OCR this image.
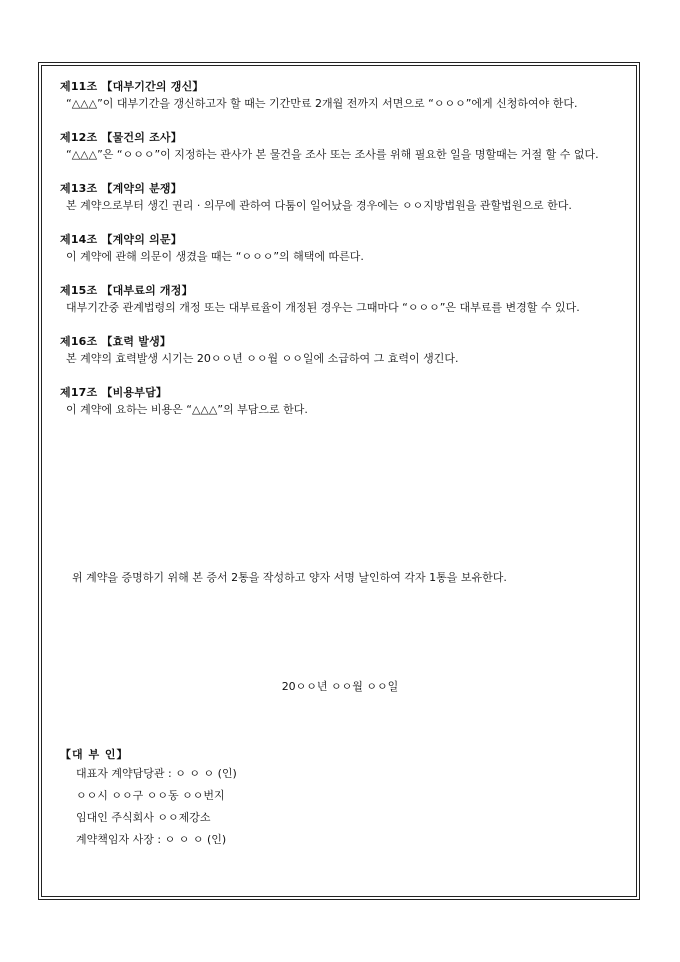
제11조 【대부기간의 갱신】
“△△△”이 대부기간을 갱신하고자 할 때는 기간만료 2개월 전까지 서면으로 “ㅇㅇㅇ”에게 신청하여야 한다.
제12조 【물건의 조사】
“△△△”은 “ㅇㅇㅇ”이 지정하는 관사가 본 물건을 조사 또는 조사를 위해 필요한 일을 명할때는 거절 할 수 없다.
제13조 【계약의 분쟁】
본 계약으로부터 생긴 권리 · 의무에 관하여 다툼이 일어났을 경우에는 ㅇㅇ지방법원을 관할법원으로 한다.
제14조 【계약의 의문】
이 계약에 관해 의문이 생겼을 때는 “ㅇㅇㅇ”의 해택에 따른다.
제15조 【대부료의 개정】
대부기간중 관계법령의 개정 또는 대부료율이 개정된 경우는 그때마다 “ㅇㅇㅇ”은 대부료를 변경할 수 있다.
제16조 【효력 발생】
본 계약의 효력발생 시기는 20ㅇㅇ년 ㅇㅇ월 ㅇㅇ일에 소급하여 그 효력이 생긴다.
제17조 【비용부담】
이 계약에 요하는 비용은 “△△△”의 부담으로 한다.
위 계약을 증명하기 위해 본 증서 2통을 작성하고 양자 서명 날인하여 각자 1통을 보유한다.
20ㅇㅇ년 ㅇㅇ월 ㅇㅇ일
【대 부 인】
대표자 계약담당관 : ㅇ ㅇ ㅇ (인)
ㅇㅇ시 ㅇㅇ구 ㅇㅇ동 ㅇㅇ번지
임대인 주식회사 ㅇㅇ제강소
계약책임자 사장 : ㅇ ㅇ ㅇ (인)
